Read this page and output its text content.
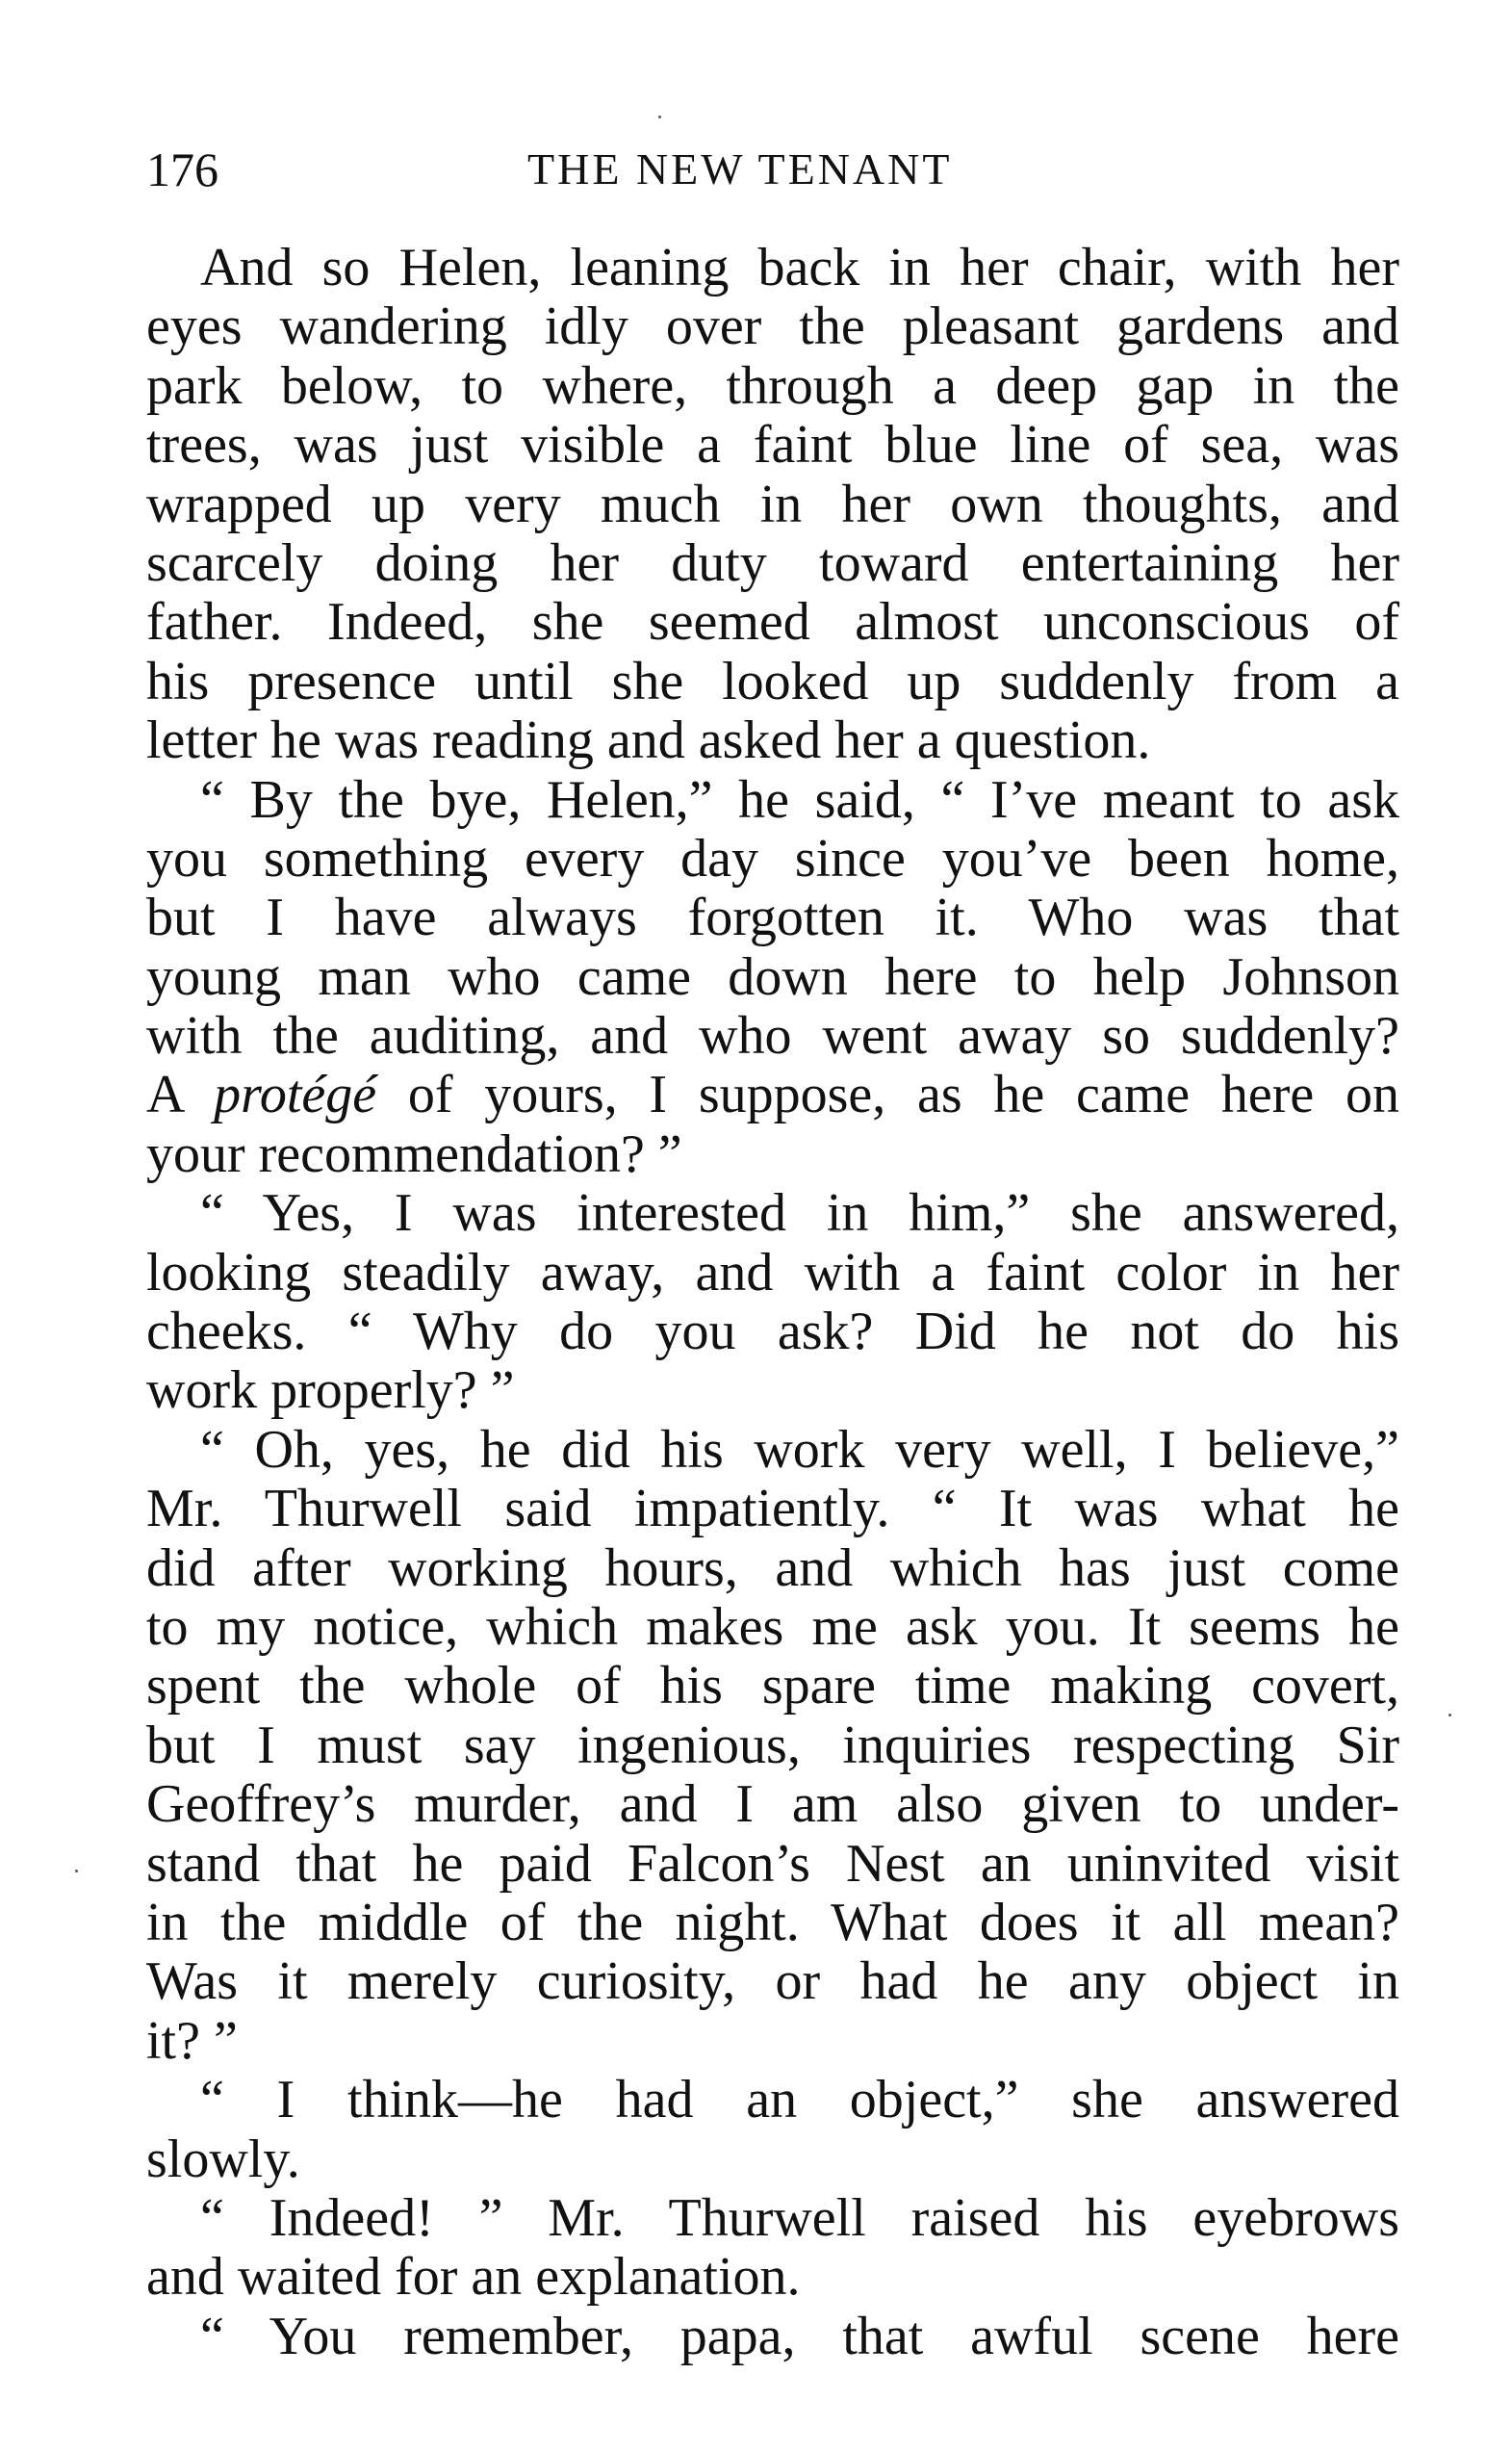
176	THE NEW TENANT
And so Helen, leaning back in her chair, with her
eyes wandering idly over the pleasant gardens and
park below, to where, through a deep gap in the
trees, was just visible a faint blue line of sea, was
wrapped up very much in her own thoughts, and
scarcely doing her duty toward entertaining her
father. Indeed, she seemed almost unconscious of
his presence until she looked up suddenly from a
letter he was reading and asked her a question.
“ By the bye, Helen,” he said, “ I’ve meant to ask
you something every day since you’ve been home,
but I have always forgotten it. Who was that
young man who came down here to help Johnson
with the auditing, and who went away so suddenly?
A protégé of yours, I suppose, as he came here on
your recommendation? ”
“ Yes, I was interested in him,” she answered,
looking steadily away, and with a faint color in her
cheeks. “ Why do you ask? Did he not do his
work properly? ”
“ Oh, yes, he did his work very well, I believe,”
Mr. Thurwell said impatiently. “ It was what he
did after working hours, and which has just come
to my notice, which makes me ask you. It seems he
spent the whole of his spare time making covert,
but I must say ingenious, inquiries respecting Sir
Geoffrey’s murder, and I am also given to under-
stand that he paid Falcon’s Nest an uninvited visit
in the middle of the night. What does it all mean?
Was it merely curiosity, or had he any object in
it? ”
“ I think—he had an object,” she answered
slowly.
“ Indeed! ” Mr. Thurwell raised his eyebrows
and waited for an explanation.
“ You remember, papa, that awful scene here
